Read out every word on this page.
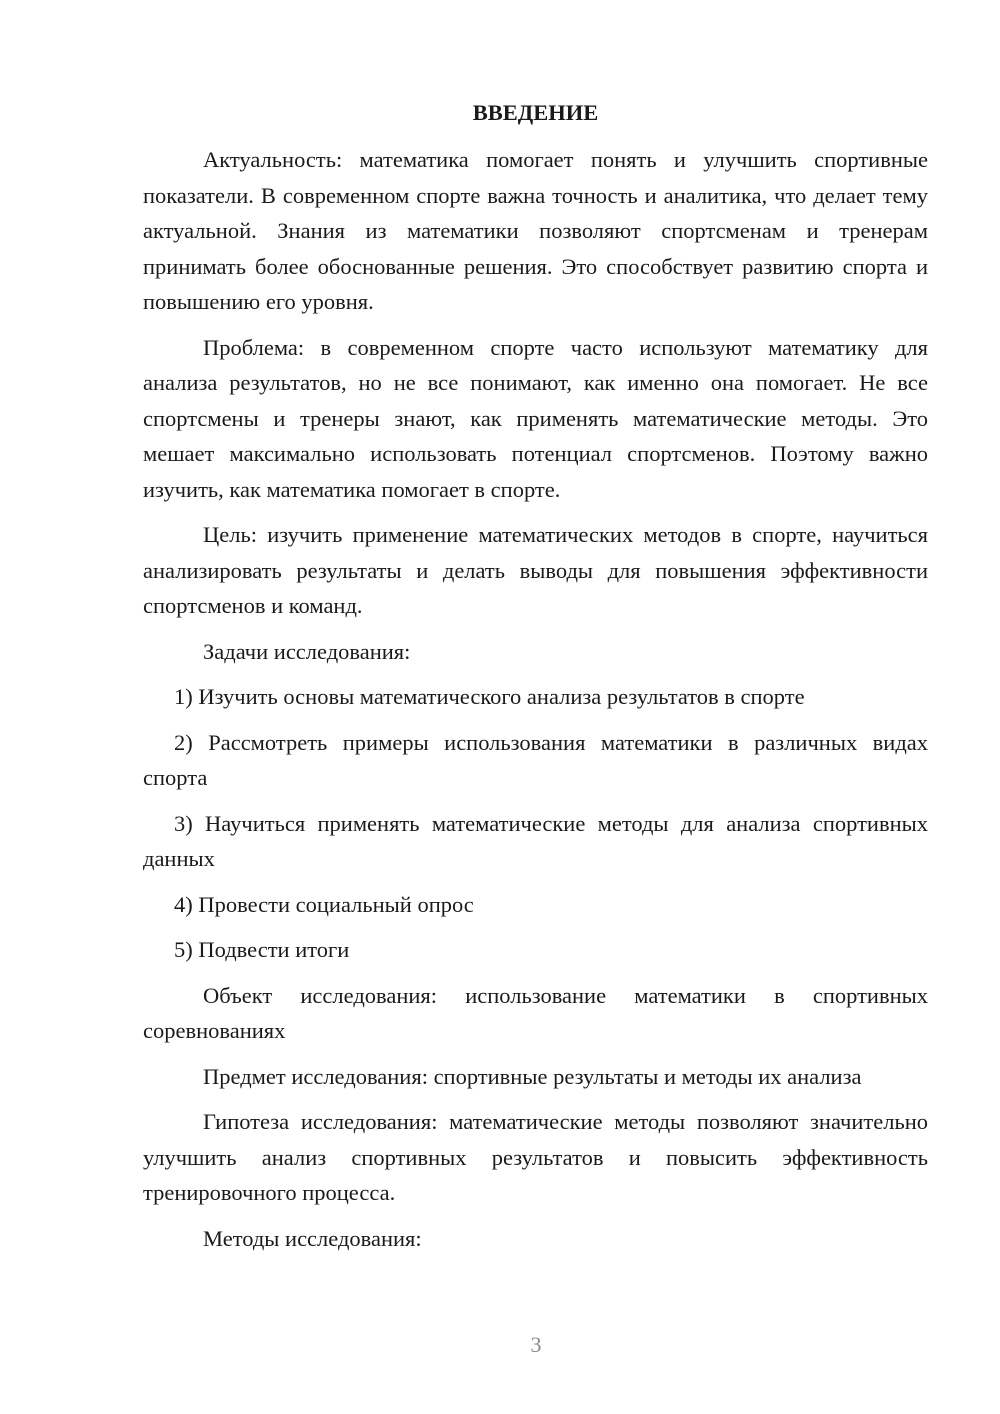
ВВЕДЕНИЕ

Актуальность: математика помогает понять и улучшить спортивные показатели. В современном спорте важна точность и аналитика, что делает тему актуальной. Знания из математики позволяют спортсменам и тренерам принимать более обоснованные решения. Это способствует развитию спорта и повышению его уровня.

Проблема: в современном спорте часто используют математику для анализа результатов, но не все понимают, как именно она помогает. Не все спортсмены и тренеры знают, как применять математические методы. Это мешает максимально использовать потенциал спортсменов. Поэтому важно изучить, как математика помогает в спорте.

Цель: изучить применение математических методов в спорте, научиться анализировать результаты и делать выводы для повышения эффективности спортсменов и команд.

Задачи исследования:

1) Изучить основы математического анализа результатов в спорте

2) Рассмотреть примеры использования математики в различных видах спорта

3) Научиться применять математические методы для анализа спортивных данных

4) Провести социальный опрос

5) Подвести итоги

Объект исследования: использование математики в спортивных соревнованиях

Предмет исследования: спортивные результаты и методы их анализа

Гипотеза исследования: математические методы позволяют значительно улучшить анализ спортивных результатов и повысить эффективность тренировочного процесса.

Методы исследования:

3
